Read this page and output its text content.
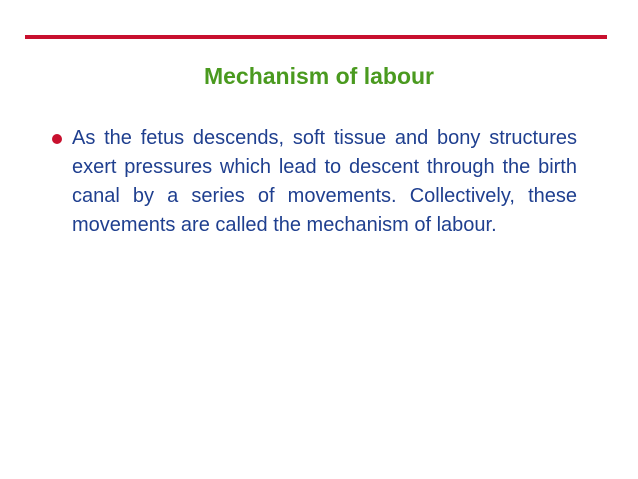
Mechanism of labour
As the fetus descends, soft tissue and bony structures exert pressures which lead to descent through the birth canal by a series of movements. Collectively, these movements are called the mechanism of labour.
